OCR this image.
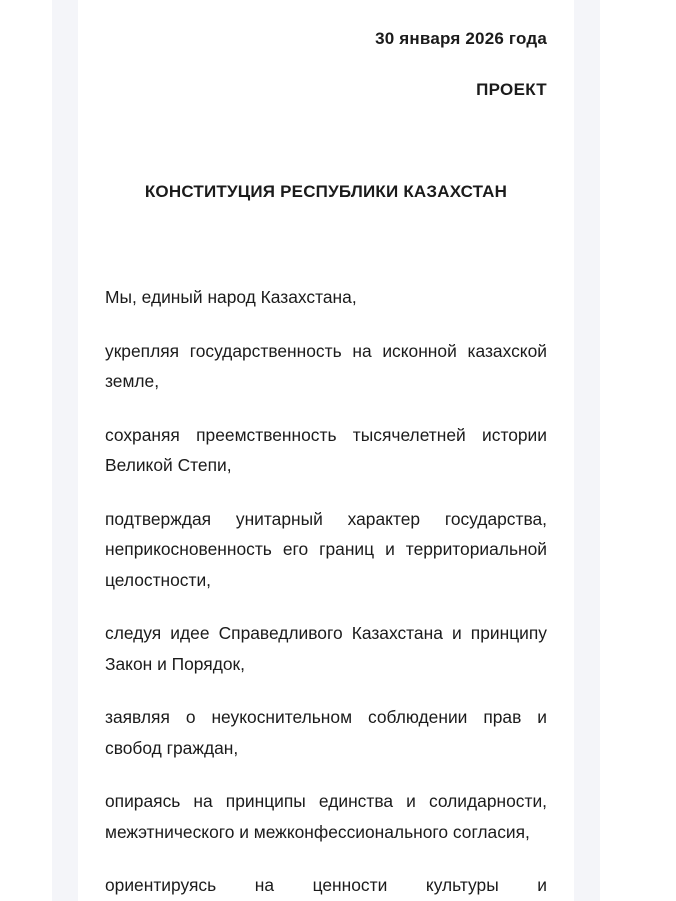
30 января 2026 года
ПРОЕКТ
КОНСТИТУЦИЯ РЕСПУБЛИКИ КАЗАХСТАН

Мы, единый народ Казахстана,

укрепляя государственность на исконной казахской земле,

сохраняя преемственность тысячелетней истории Великой Степи,

подтверждая унитарный характер государства, неприкосновенность его границ и территориальной целостности,

следуя идее Справедливого Казахстана и принципу Закон и Порядок,

заявляя о неукоснительном соблюдении прав и свобод граждан,

опираясь на принципы единства и солидарности, межэтнического и межконфессионального согласия,

ориентируясь на ценности культуры и
